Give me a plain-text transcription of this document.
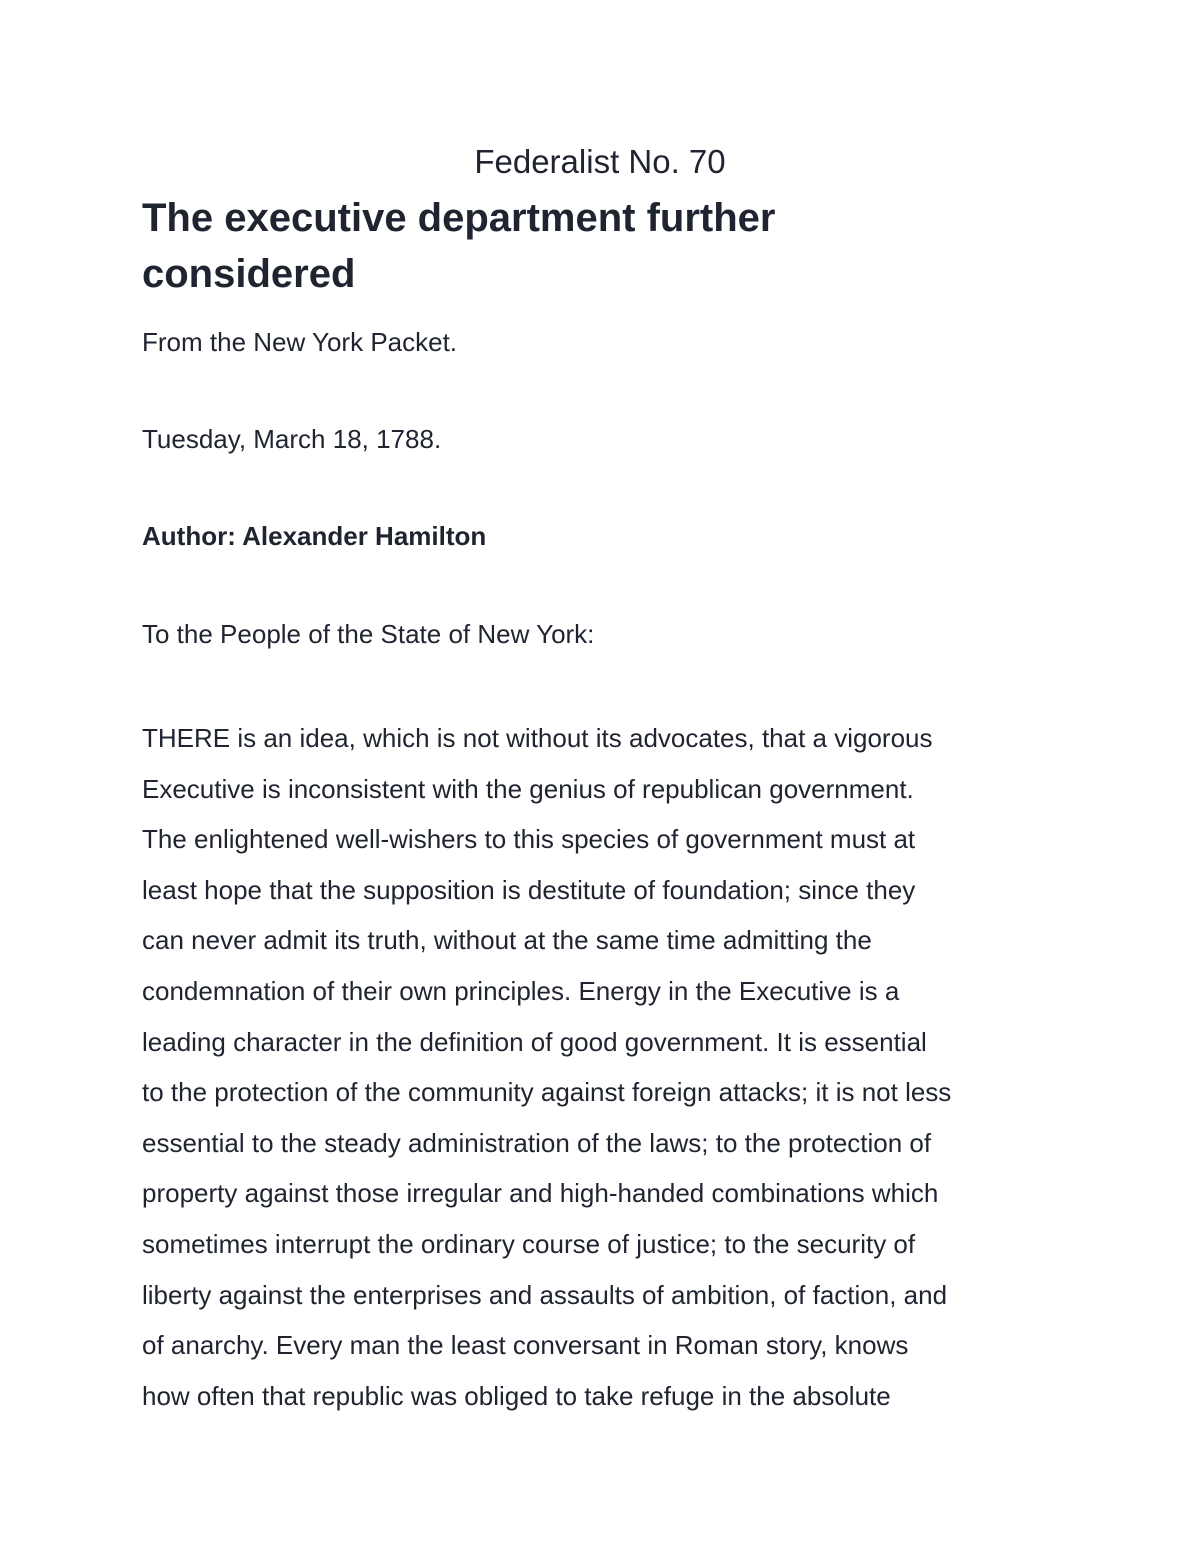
Federalist No. 70
The executive department further
considered

From the New York Packet.

Tuesday, March 18, 1788.

Author: Alexander Hamilton

To the People of the State of New York:

THERE is an idea, which is not without its advocates, that a vigorous
Executive is inconsistent with the genius of republican government.
The enlightened well-wishers to this species of government must at
least hope that the supposition is destitute of foundation; since they
can never admit its truth, without at the same time admitting the
condemnation of their own principles. Energy in the Executive is a
leading character in the definition of good government. It is essential
to the protection of the community against foreign attacks; it is not less
essential to the steady administration of the laws; to the protection of
property against those irregular and high-handed combinations which
sometimes interrupt the ordinary course of justice; to the security of
liberty against the enterprises and assaults of ambition, of faction, and
of anarchy. Every man the least conversant in Roman story, knows
how often that republic was obliged to take refuge in the absolute
